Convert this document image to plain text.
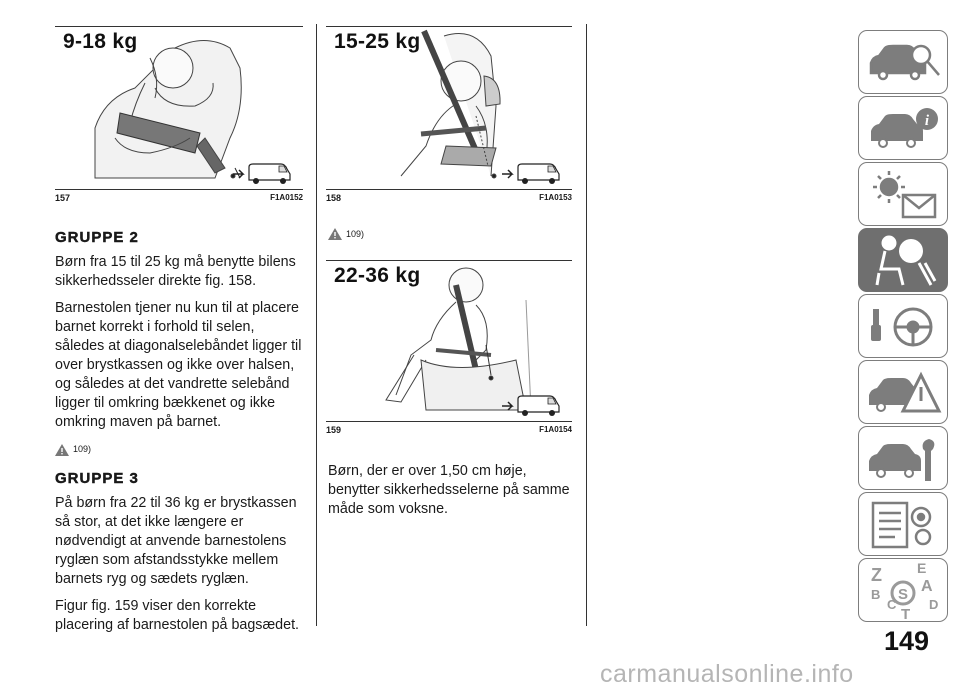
9-18 kg
157	F1A0152
15-25 kg
158	F1A0153
109)
22-36 kg
159	F1A0154
GRUPPE 2

Børn fra 15 til 25 kg må benytte bilens sikkerhedsseler direkte fig. 158.

Barnestolen tjener nu kun til at placere barnet korrekt i forhold til selen, således at diagonalselebåndet ligger til over brystkassen og ikke over halsen, og således at det vandrette selebånd ligger til omkring bækkenet og ikke omkring maven på barnet.

109)
GRUPPE 3

På børn fra 22 til 36 kg er brystkassen så stor, at det ikke længere er nødvendigt at anvende barnestolens ryglæn som afstandsstykke mellem barnets ryg og sædets ryglæn.

Figur fig. 159 viser den korrekte placering af barnestolen på bagsædet.

Børn, der er over 1,50 cm høje, benytter sikkerhedsselerne på samme måde som voksne.

i
Z	E
A
B
D
C
T
S
149
carmanualsonline.info
